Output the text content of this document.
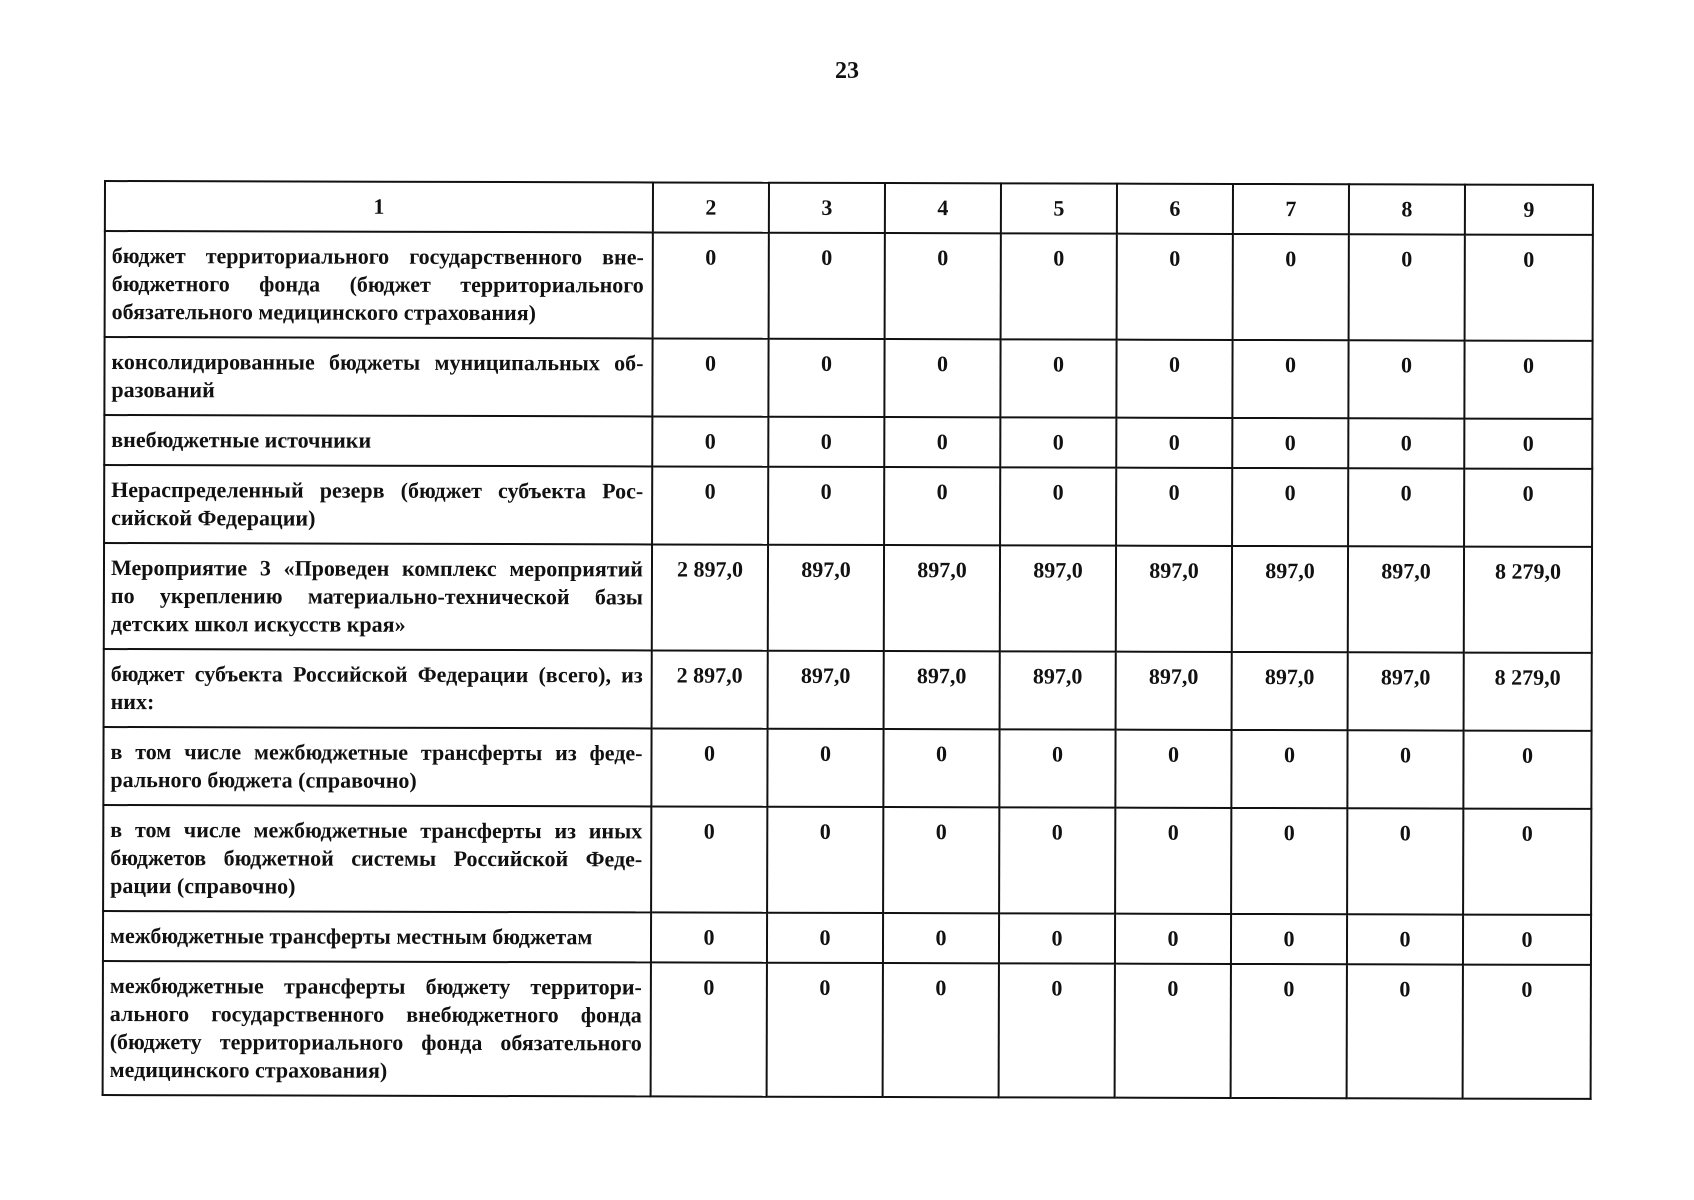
23
1	2	3	4	5	6	7	8	9
бюджет территориального государственного вне-бюджетного фонда (бюджет территориального обязательного медицинского страхования)	0	0	0	0	0	0	0	0
консолидированные бюджеты муниципальных об-разований	0	0	0	0	0	0	0	0
внебюджетные источники	0	0	0	0	0	0	0	0
Нераспределенный резерв (бюджет субъекта Рос-сийской Федерации)	0	0	0	0	0	0	0	0
Мероприятие 3 «Проведен комплекс мероприятий по укреплению материально-технической базы детских школ искусств края»	2 897,0	897,0	897,0	897,0	897,0	897,0	897,0	8 279,0
бюджет субъекта Российской Федерации (всего), из них:	2 897,0	897,0	897,0	897,0	897,0	897,0	897,0	8 279,0
в том числе межбюджетные трансферты из феде-рального бюджета (справочно)	0	0	0	0	0	0	0	0
в том числе межбюджетные трансферты из иных бюджетов бюджетной системы Российской Феде-рации (справочно)	0	0	0	0	0	0	0	0
межбюджетные трансферты местным бюджетам	0	0	0	0	0	0	0	0
межбюджетные трансферты бюджету территори-ального государственного внебюджетного фонда (бюджету территориального фонда обязательного медицинского страхования)	0	0	0	0	0	0	0	0
